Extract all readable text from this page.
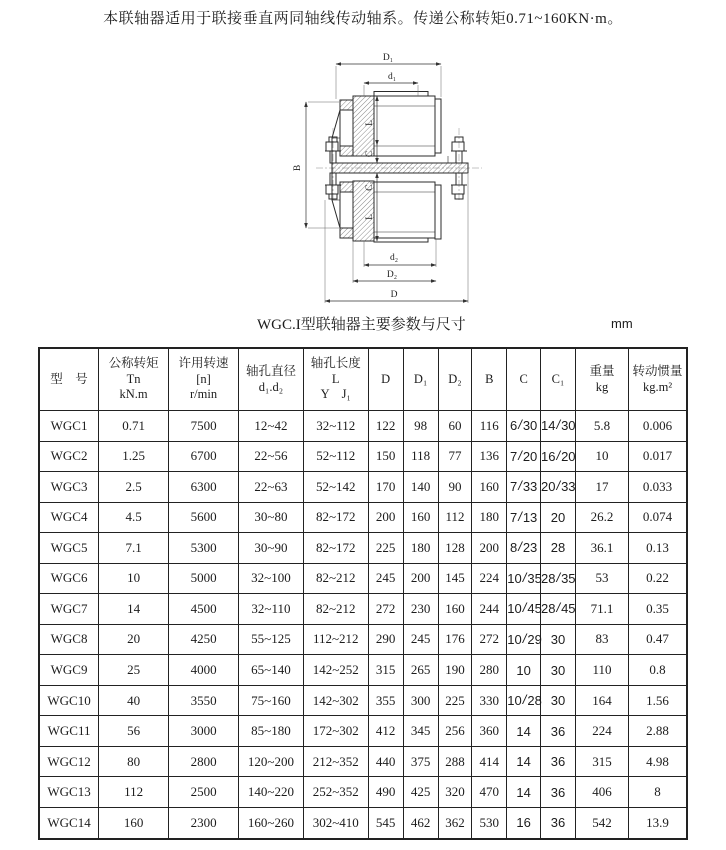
本联轴器适用于联接垂直两同轴线传动轴系。传递公称转矩0.71~160KN·m。
D₁
d₁
B
L
C
C₁
L
d₂
D₂
D
WGC.I型联轴器主要参数与尺寸	mm
型　号

公称转矩
Tn
kN.m

许用转速
[n]
r/min

轴孔直径
d₁.d₂

轴孔长度
L
Y　J₁

D	D₁	D₂	B	C	C₁

重量
kg

转动惯量
kg.m²

WGC1	0.71	7500	12~42	32~112	122	98	60	116	6/30	14/30	5.8	0.006
WGC2	1.25	6700	22~56	52~112	150	118	77	136	7/20	16/20	10	0.017
WGC3	2.5	6300	22~63	52~142	170	140	90	160	7/33	20/33	17	0.033
WGC4	4.5	5600	30~80	82~172	200	160	112	180	7/13	20	26.2	0.074
WGC5	7.1	5300	30~90	82~172	225	180	128	200	8/23	28	36.1	0.13
WGC6	10	5000	32~100	82~212	245	200	145	224	10/35	28/35	53	0.22
WGC7	14	4500	32~110	82~212	272	230	160	244	10/45	28/45	71.1	0.35
WGC8	20	4250	55~125	112~212	290	245	176	272	10/29	30	83	0.47
WGC9	25	4000	65~140	142~252	315	265	190	280	10	30	110	0.8
WGC10	40	3550	75~160	142~302	355	300	225	330	10/28	30	164	1.56
WGC11	56	3000	85~180	172~302	412	345	256	360	14	36	224	2.88
WGC12	80	2800	120~200	212~352	440	375	288	414	14	36	315	4.98
WGC13	112	2500	140~220	252~352	490	425	320	470	14	36	406	8
WGC14	160	2300	160~260	302~410	545	462	362	530	16	36	542	13.9
